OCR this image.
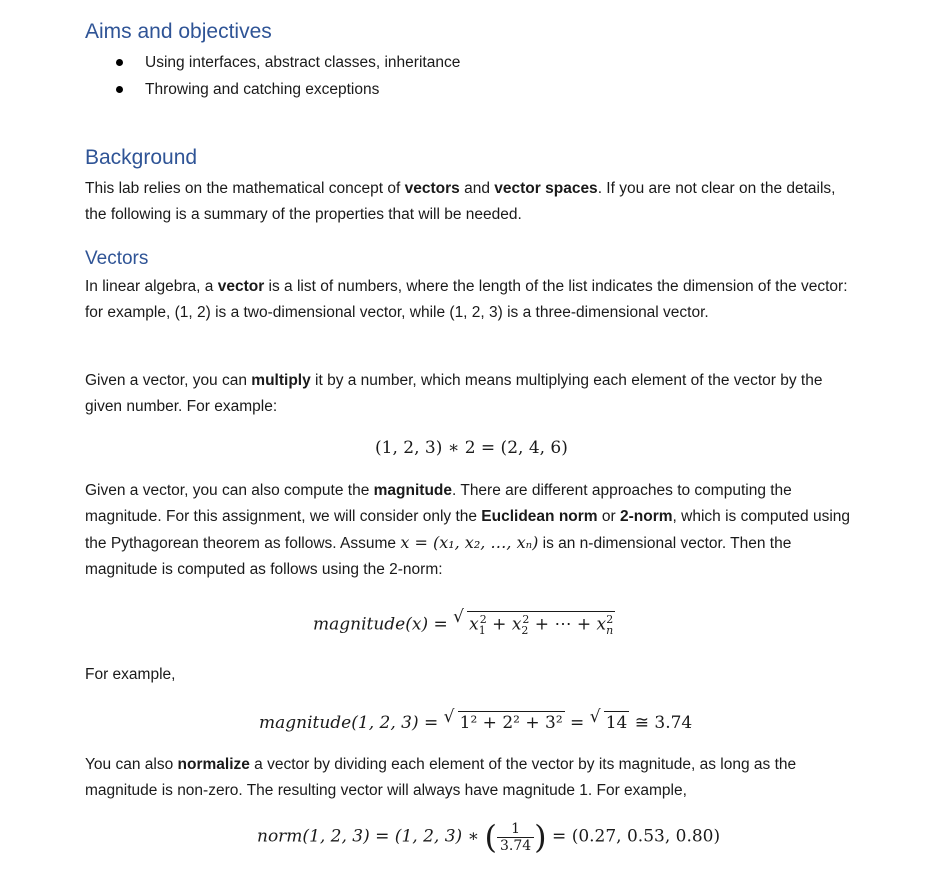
Aims and objectives
Using interfaces, abstract classes, inheritance
Throwing and catching exceptions
Background

This lab relies on the mathematical concept of vectors and vector spaces. If you are not clear on the details, the following is a summary of the properties that will be needed.

Vectors

In linear algebra, a vector is a list of numbers, where the length of the list indicates the dimension of the vector: for example, (1, 2) is a two-dimensional vector, while (1, 2, 3) is a three-dimensional vector.

Given a vector, you can multiply it by a number, which means multiplying each element of the vector by the given number. For example:

(1, 2, 3) ∗ 2 = (2, 4, 6)

Given a vector, you can also compute the magnitude. There are different approaches to computing the magnitude. For this assignment, we will consider only the Euclidean norm or 2-norm, which is computed using the Pythagorean theorem as follows. Assume x = (x₁, x₂, …, xₙ) is an n-dimensional vector. Then the magnitude is computed as follows using the 2-norm:

magnitude(x) = √ $x_1^2 + x_2^2$ + ⋯ + $x_n^2$

For example,

magnitude(1, 2, 3) = √ 1² + 2² + 3² = √ 14 ≅ 3.74

You can also normalize a vector by dividing each element of the vector by its magnitude, as long as the magnitude is non-zero. The resulting vector will always have magnitude 1. For example,

norm(1, 2, 3) = (1, 2, 3) ∗ ( $\frac{1}{3.74}$ ) = (0.27, 0.53, 0.80)
